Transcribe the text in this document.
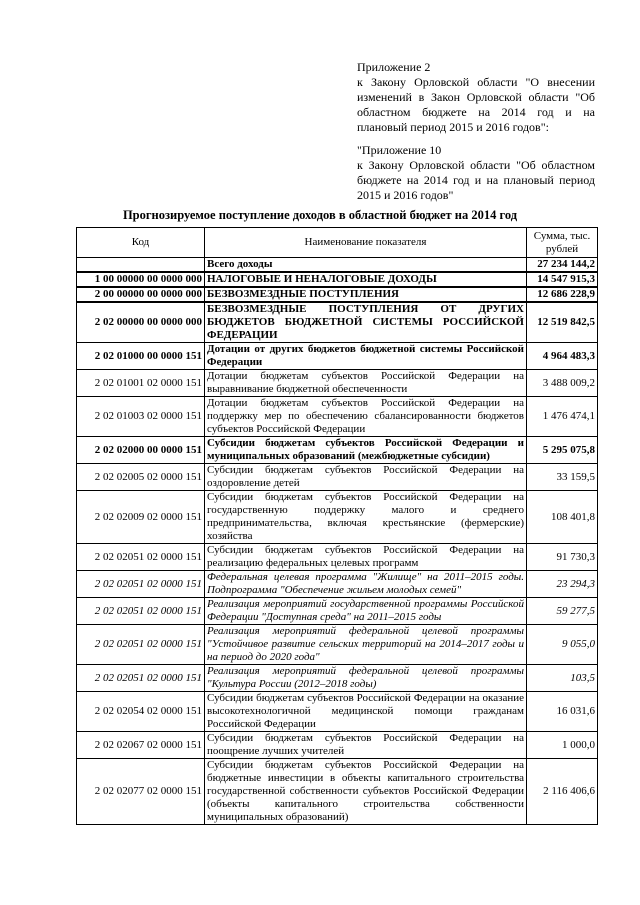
Приложение 2

к Закону Орловской области "О внесении изменений в Закон Орловской области "Об областном бюджете на 2014 год и на плановый период 2015 и 2016 годов":

"Приложение 10

к Закону Орловской области "Об областном бюджете на 2014 год и на плановый период 2015 и 2016 годов"

Прогнозируемое поступление доходов в областной бюджет на 2014 год
Код	Наименование показателя	Сумма, тыс. рублей
	Всего доходы	27 234 144,2
1 00 00000 00 0000 000	НАЛОГОВЫЕ И НЕНАЛОГОВЫЕ ДОХОДЫ	14 547 915,3
2 00 00000 00 0000 000	БЕЗВОЗМЕЗДНЫЕ ПОСТУПЛЕНИЯ	12 686 228,9
2 02 00000 00 0000 000	БЕЗВОЗМЕЗДНЫЕ ПОСТУПЛЕНИЯ ОТ ДРУГИХ БЮДЖЕТОВ БЮДЖЕТНОЙ СИСТЕМЫ РОССИЙСКОЙ ФЕДЕРАЦИИ	12 519 842,5
2 02 01000 00 0000 151	Дотации от других бюджетов бюджетной системы Российской Федерации	4 964 483,3
2 02 01001 02 0000 151	Дотации бюджетам субъектов Российской Федерации на выравнивание бюджетной обеспеченности	3 488 009,2
2 02 01003 02 0000 151	Дотации бюджетам субъектов Российской Федерации на поддержку мер по обеспечению сбалансированности бюджетов субъектов Российской Федерации	1 476 474,1
2 02 02000 00 0000 151	Субсидии бюджетам субъектов Российской Федерации и муниципальных образований (межбюджетные субсидии)	5 295 075,8
2 02 02005 02 0000 151	Субсидии бюджетам субъектов Российской Федерации на оздоровление детей	33 159,5
2 02 02009 02 0000 151	Субсидии бюджетам субъектов Российской Федерации на государственную поддержку малого и среднего предпринимательства, включая крестьянские (фермерские) хозяйства	108 401,8
2 02 02051 02 0000 151	Субсидии бюджетам субъектов Российской Федерации на реализацию федеральных целевых программ	91 730,3
2 02 02051 02 0000 151	Федеральная целевая программа "Жилище" на 2011–2015 годы. Подпрограмма "Обеспечение жильем молодых семей"	23 294,3
2 02 02051 02 0000 151	Реализация мероприятий государственной программы Российской Федерации "Доступная среда" на 2011–2015 годы	59 277,5
2 02 02051 02 0000 151	Реализация мероприятий федеральной целевой программы "Устойчивое развитие сельских территорий на 2014–2017 годы и на период до 2020 года"	9 055,0
2 02 02051 02 0000 151	Реализация мероприятий федеральной целевой программы "Культура России (2012–2018 годы)	103,5
2 02 02054 02 0000 151	Субсидии бюджетам субъектов Российской Федерации на оказание высокотехнологичной медицинской помощи гражданам Российской Федерации	16 031,6
2 02 02067 02 0000 151	Субсидии бюджетам субъектов Российской Федерации на поощрение лучших учителей	1 000,0
2 02 02077 02 0000 151	Субсидии бюджетам субъектов Российской Федерации на бюджетные инвестиции в объекты капитального строительства государственной собственности субъектов Российской Федерации (объекты капитального строительства собственности муниципальных образований)	2 116 406,6
